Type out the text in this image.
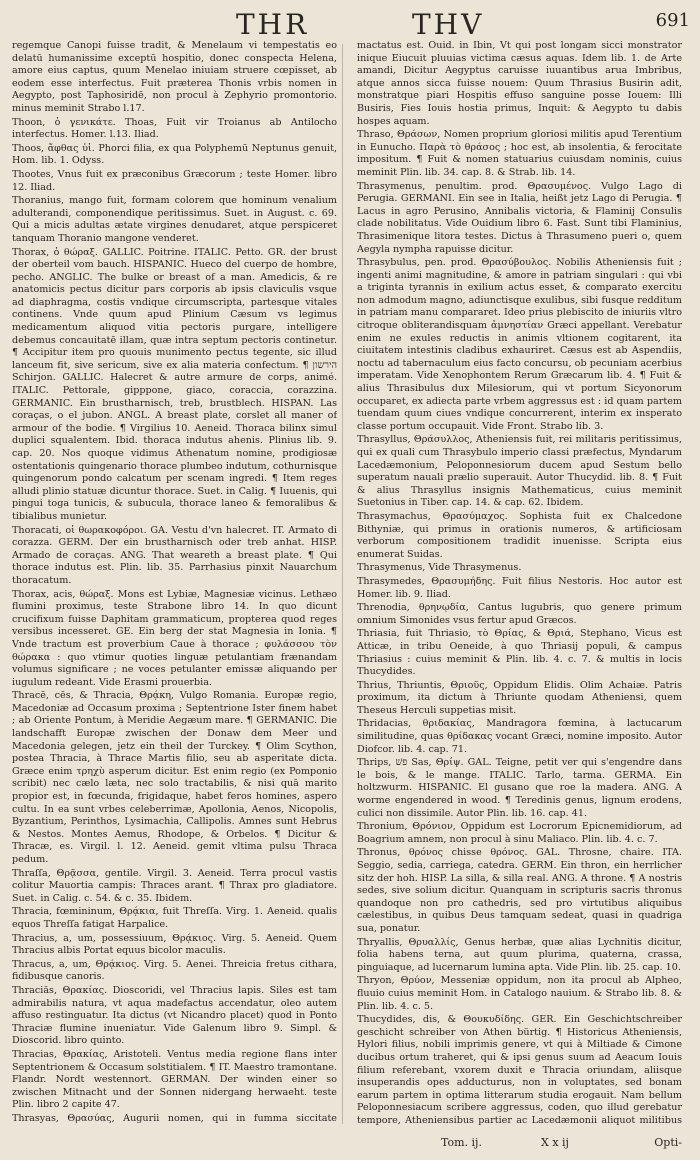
THR	THV	691

regemque Canopi fuisse tradit, & Menelaum vi tempestatis eo delatū humanissime exceptū hospitio, donec conspecta Helena, amore eius captus, quum Menelao iniuiam struere cœpisset, ab eodem esse interfectus. Fuit præterea Thonis vrbis nomen in Aegypto, post Taphosiridē, non procul à Zephyrio promontorio. minus meminit Strabo l.17.

Thoon, ὁ γενικάτε. Thoas, Fuit vir Troianus ab Antilocho interfectus. Homer. l.13. Iliad.

Thoos, ἄφθας ὑἱ. Phorci filia, ex qua Polyphemū Neptunus genuit, Hom. lib. 1. Odyss.

Thootes, Vnus fuit ex præconibus Græcorum ; teste Homer. libro 12. Iliad.

Thoranius, mango fuit, formam colorem que hominum venalium adulterandi, componendique peritissimus. Suet. in August. c. 69. Qui a micis adultas ætate virgines denudaret, atque perspiceret tanquam Thoranio mangone venderet.

Thorax, ὁ θώραξ. GALLIC. Poitrine. ITALIC. Petto. GR. der brust der oberteil vom bauch. HISPANIC. Hueco del cuerpo de hombre, pecho. ANGLIC. The bulke or breast of a man. Amedicis, & re anatomicis pectus dicitur pars corporis ab ipsis claviculis vsque ad diaphragma, costis vndique circumscripta, partesque vitales continens. Vnde quum apud Plinium Cæsum vs legimus medicamentum aliquod vitia pectoris purgare, intelligere debemus concauitatē illam, quæ intra septum pectoris continetur. ¶ Accipitur item pro quouis munimento pectus tegente, sic illud lanceum fit, sive sericum, sive ex alia materia confectum. ¶ הירשון Schirjon. GALLIC. Halecret & autre armure de corps, animé. ITALIC. Pettorale, gipppone, giaco, coraccia, corazzina. GERMANIC. Ein brustharnisch, treb, brustblech. HISPAN. Las coraças, o el jubon. ANGL. A breast plate, corslet all maner of armour of the bodie. ¶ Virgilius 10. Aeneid. Thoraca bilinx simul duplici squalentem. Ibid. thoraca indutus ahenis. Plinius lib. 9. cap. 20. Nos quoque vidimus Athenatum nomine, prodigiosæ ostentationis quingenario thorace plumbeo indutum, cothurnisque quingenorum pondo calcatum per scenam ingredi. ¶ Item reges alludi plinio statuæ dicuntur thorace. Suet. in Calig. ¶ Iuuenis, qui pingui toga tunicis, & subucula, thorace laneo & femoralibus & tibialibus munietur.

Thoracati, οἱ θωρακοφόροι. GA. Vestu d'vn halecret. IT. Armato di corazza. GERM. Der ein brustharnisch oder treb anhat. HISP. Armado de coraças. ANG. That weareth a breast plate. ¶ Qui thorace indutus est. Plin. lib. 35. Parrhasius pinxit Nauarchum thoracatum.

Thorax, acis, θώραξ. Mons est Lybiæ, Magnesiæ vicinus. Lethæo flumini proximus, teste Strabone libro 14. In quo dicunt crucifixum fuisse Daphitam grammaticum, propterea quod reges versibus incesseret. GE. Ein berg der stat Magnesia in Ionia. ¶ Vnde tractum est proverbium Caue à thorace ; φυλάσσου τὸν θώρακα : quo vtimur quoties linguæ petulantiam frænandam volumus significare ; ne voces petulanter emissæ aliquando per iugulum redeant. Vide Erasmi prouerbia.

Thracē, cēs, & Thracia, Θρᾴκη, Vulgo Romania. Europæ regio, Macedoniæ ad Occasum proxima ; Septentrione Ister finem habet ; ab Oriente Pontum, à Meridie Aegæum mare. ¶ GERMANIC. Die landschafft Europæ zwischen der Donaw dem Meer und Macedonia gelegen, jetz ein theil der Turckey. ¶ Olim Scython, postea Thracia, à Thrace Martis filio, seu ab asperitate dicta. Græce enim τρηχὺ asperum dicitur. Est enim regio (ex Pomponio scribit) nec cælo læta, nec solo tractabilis, & nisi quā marito propior est, in fœcunda, frigidaque, habet feros homines, aspero cultu. In ea sunt vrbes celeberrimæ, Apollonia, Aenos, Nicopolis, Byzantium, Perinthos, Lysimachia, Callipolis. Amnes sunt Hebrus & Nestos. Montes Aemus, Rhodope, & Orbelos. ¶ Dicitur & Thracæ, es. Virgil. l. 12. Aeneid. gemit vltima pulsu Thraca pedum.

Thraſſa, Θρᾷσσα, gentile. Virgil. 3. Aeneid. Terra procul vastis colitur Mauortia campis: Thraces arant. ¶ Thrax pro gladiatore. Suet. in Calig. c. 54. & c. 35. Ibidem.

Thracia, fœmininum, Θρᾴκια, fuit Threſſa. Virg. 1. Aeneid. qualis equos Threſſa fatigat Harpalice.

Thracius, a, um, possessiuum, Θρᾴκιος. Virg. 5. Aeneid. Quem Thracius albis Portat equus bicolor maculis.

Thracus, a, um, Θρᾴκιος. Virg. 5. Aenei. Threicia fretus cithara, fidibusque canoris.

Thraciās, Θρακίας. Dioscoridi, vel Thracius lapis. Siles est tam admirabilis natura, vt aqua madefactus accendatur, oleo autem affuso restinguatur. Ita dictus (vt Nicandro placet) quod in Ponto Thraciæ flumine inueniatur. Vide Galenum libro 9. Simpl. & Dioscorid. libro quinto.

Thracias, Θρακίας, Aristoteli. Ventus media regione flans inter Septentrionem & Occasum solstitialem. ¶ IT. Maestro tramontane. Flandr. Nordt westennort. GERMAN. Der winden einer so zwischen Mitnacht und der Sonnen nidergang herwaeht. teste Plin. libro 2 capite 47.

Thrasyas, Θρασύας, Augurii nomen, qui in fumma siccitate

mactatus est. Ouid. in Ibin, Vt qui post longam sicci monstrator inique Eiucuit pluuias victima cæsus aquas. Idem lib. 1. de Arte amandi, Dicitur Aegyptus caruisse iuuantibus arua Imbribus, atque annos sicca fuisse nouem: Quum Thrasius Busirin adit, monstratque piari Hospitis effuso sanguine posse Iouem: Illi Busiris, Fies Iouis hostia primus, Inquit: & Aegypto tu dabis hospes aquam.

Thraso, Θράσων, Nomen proprium gloriosi militis apud Terentium in Eunucho. Παρὰ τὸ θράσος ; hoc est, ab insolentia, & ferocitate impositum. ¶ Fuit & nomen statuarius cuiusdam nominis, cuius meminit Plin. lib. 34. cap. 8. & Strab. lib. 14.

Thrasymenus, penultim. prod. Θρασυμένος. Vulgo Lago di Perugia. GERMANI. Ein see in Italia, heißt jetz Lago di Perugia. ¶ Lacus in agro Perusino, Annibalis victoria, & Flaminij Consulis clade nobilitatus. Vide Ouidium libro 6. Fast. Sunt tibi Flaminius, Thrasimenique litora testes. Dictus à Thrasumeno pueri o, quem Aegyla nympha rapuisse dicitur.

Thrasybulus, pen. prod. Θρασύβουλος. Nobilis Atheniensis fuit ; ingenti animi magnitudine, & amore in patriam singulari : qui vbi a triginta tyrannis in exilium actus esset, & comparato exercitu non admodum magno, adiunctisque exulibus, sibi fusque redditum in patriam manu compararet. Ideo prius plebiscito de iniuriis vltro citroque obliterandisquam ἀμνηστίαν Græci appellant. Verebatur enim ne exules reductis in animis vltionem cogitarent, ita ciuitatem intestinis cladibus exhauriret. Cæsus est ab Aspendiis, noctu ad tabernaculum eius facto concursu, ob pecuniam acerbius imperatam. Vide Xenophontem Rerum Græcarum lib. 4. ¶ Fuit & alius Thrasibulus dux Milesiorum, qui vt portum Sicyonorum occuparet, ex adiecta parte vrbem aggressus est : id quam partem tuendam quum ciues vndique concurrerent, interim ex insperato classe portum occupauit. Vide Front. Strabo lib. 3.

Thrasyllus, Θράσυλλος, Atheniensis fuit, rei militaris peritissimus, qui ex quali cum Thrasybulo imperio classi præfectus, Myndarum Lacedæmonium, Peloponnesiorum ducem apud Sestum bello superatum nauali prælio superauit. Autor Thucydid. lib. 8. ¶ Fuit & alius Thrasyllus insignis Mathematicus, cuius meminit Suetonius in Tiber. cap. 14. & cap. 62. Ibidem.

Thrasymachus, Θρασύμαχος. Sophista fuit ex Chalcedone Bithyniæ, qui primus in orationis numeros, & artificiosam verborum compositionem tradidit inuenisse. Scripta eius enumerat Suidas.

Thrasymenus, Vide Thrasymenus.

Thrasymedes, Θρασυμήδης. Fuit filius Nestoris. Hoc autor est Homer. lib. 9. Iliad.

Threnodia, θρηνῳδία, Cantus lugubris, quo genere primum omnium Simonides vsus fertur apud Græcos.

Thriasia, fuit Thriasio, τὸ Θρίας, & Θριά, Stephano, Vicus est Atticæ, in tribu Oeneide, à quo Thriasij populi, & campus Thriasius : cuius meminit & Plin. lib. 4. c. 7. & multis in locis Thucydides.

Thrius, Thriuntis, Θριοῦς, Oppidum Elidis. Olim Achaiæ. Patris proximum, ita dictum à Thriunte quodam Atheniensi, quem Theseus Herculi suppetias misit.

Thridacias, θριδακίας, Mandragora fœmina, à lactucarum similitudine, quas θρίδακας vocant Græci, nomine imposito. Autor Diofcor. lib. 4. cap. 71.

Thrips, פשׁ Sas, Θρίψ. GAL. Teigne, petit ver qui s'engendre dans le bois, & le mange. ITALIC. Tarlo, tarma. GERMA. Ein holtzwurm. HISPANIC. El gusano que roe la madera. ANG. A worme engendered in wood. ¶ Teredinis genus, lignum erodens, culici non dissimile. Autor Plin. lib. 16. cap. 41.

Thronium, Θρόνιον, Oppidum est Locrorum Epicnemidiorum, ad Boagrium amnem, non procul à sinu Maliaco. Plin. lib. 4. c. 7.

Thronus, θρόνος chisse θρόνος. GAL. Throsne, chaire. ITA. Seggio, sedia, carriega, catedra. GERM. Ein thron, ein herrlicher sitz der hoh. HISP. La silla, & silla real. ANG. A throne. ¶ A nostris sedes, sive solium dicitur. Quanquam in scripturis sacris thronus quandoque non pro cathedris, sed pro virtutibus aliquibus cælestibus, in quibus Deus tamquam sedeat, quasi in quadriga sua, ponatur.

Thryallis, Θρυαλλίς, Genus herbæ, quæ alias Lychnitis dicitur, folia habens terna, aut quum plurima, quaterna, crassa, pinguiaque, ad lucernarum lumina apta. Vide Plin. lib. 25. cap. 10.

Thryon, Θρύον, Messeniæ oppidum, non ita procul ab Alpheo, fluuio cuius meminit Hom. in Catalogo nauium. & Strabo lib. 8. & Plin. lib. 4. c. 5.

Thucydides, dis, & Θουκυδίδης. GER. Ein Geschichtschreiber geschicht schreiber von Athen bürtig. ¶ Historicus Atheniensis, Hylori filius, nobili imprimis genere, vt qui à Miltiade & Cimone ducibus ortum traheret, qui & ipsi genus suum ad Aeacum Iouis filium referebant, vxorem duxit e Thracia oriundam, aliisque insuperandis opes adducturus, non in voluptates, sed bonam earum partem in optima litterarum studia erogauit. Nam bellum Peloponnesiacum scribere aggressus, coden, quo illud gerebatur tempore, Atheniensibus partier ac Lacedæmonii aliquot militibus

Tom. ij.	X x ij	Opti-
